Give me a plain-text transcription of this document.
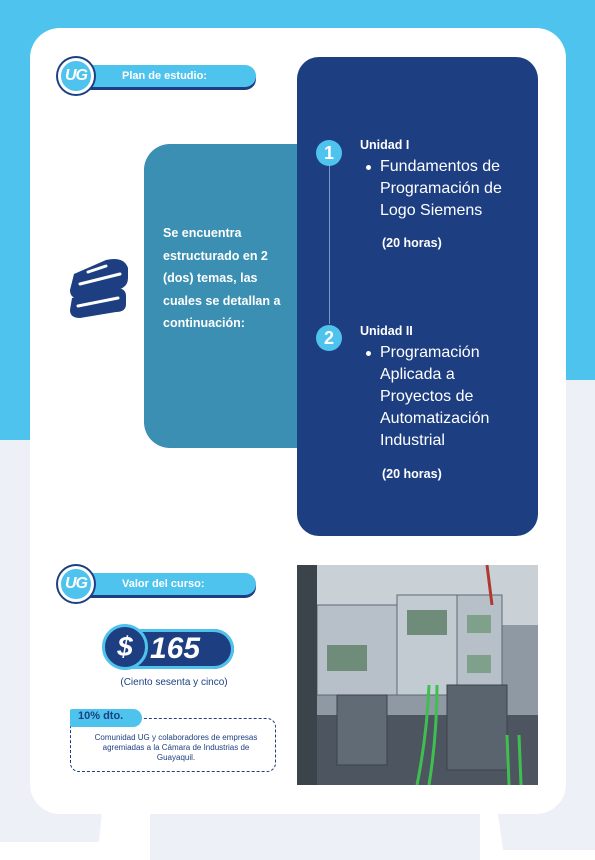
Plan de estudio:
UG
Se encuentra estructurado en 2 (dos) temas, las cuales se detallan a continuación:
1	Unidad I
Fundamentos de Programación de Logo Siemens
(20 horas)
2	Unidad II
Programación Aplicada a Proyectos de Automatización Industrial
(20 horas)
Valor del curso:
UG
$ 165
(Ciento sesenta y cinco)
10% dto.
Comunidad UG y colaboradores de empresas agremiadas a la Cámara de Industrias de Guayaquil.
